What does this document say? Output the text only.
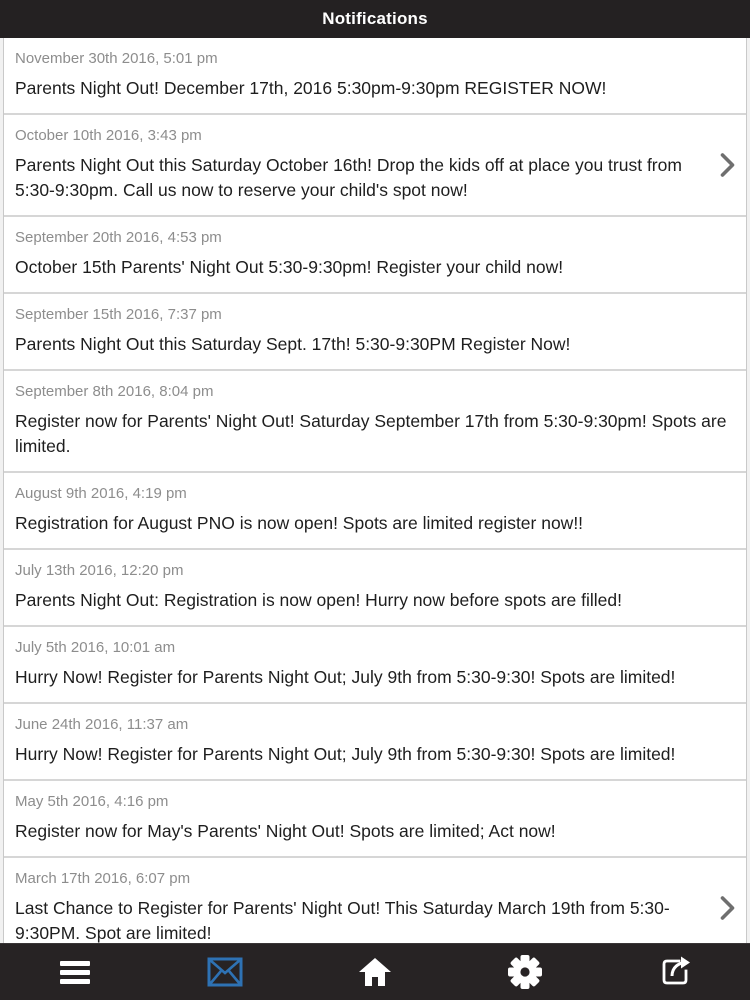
Notifications
November 30th 2016, 5:01 pm
Parents Night Out! December 17th, 2016 5:30pm-9:30pm REGISTER NOW!
October 10th 2016, 3:43 pm
Parents Night Out this Saturday October 16th! Drop the kids off at place you trust from 5:30-9:30pm. Call us now to reserve your child's spot now!
September 20th 2016, 4:53 pm
October 15th Parents' Night Out 5:30-9:30pm! Register your child now!
September 15th 2016, 7:37 pm
Parents Night Out this Saturday Sept. 17th! 5:30-9:30PM Register Now!
September 8th 2016, 8:04 pm
Register now for Parents' Night Out! Saturday September 17th from 5:30-9:30pm! Spots are limited.
August 9th 2016, 4:19 pm
Registration for August PNO is now open! Spots are limited register now!!
July 13th 2016, 12:20 pm
Parents Night Out: Registration is now open! Hurry now before spots are filled!
July 5th 2016, 10:01 am
Hurry Now! Register for Parents Night Out; July 9th from 5:30-9:30! Spots are limited!
June 24th 2016, 11:37 am
Hurry Now! Register for Parents Night Out; July 9th from 5:30-9:30! Spots are limited!
May 5th 2016, 4:16 pm
Register now for May's Parents' Night Out! Spots are limited; Act now!
March 17th 2016, 6:07 pm
Last Chance to Register for Parents' Night Out! This Saturday March 19th from 5:30-9:30PM. Spot are limited!
